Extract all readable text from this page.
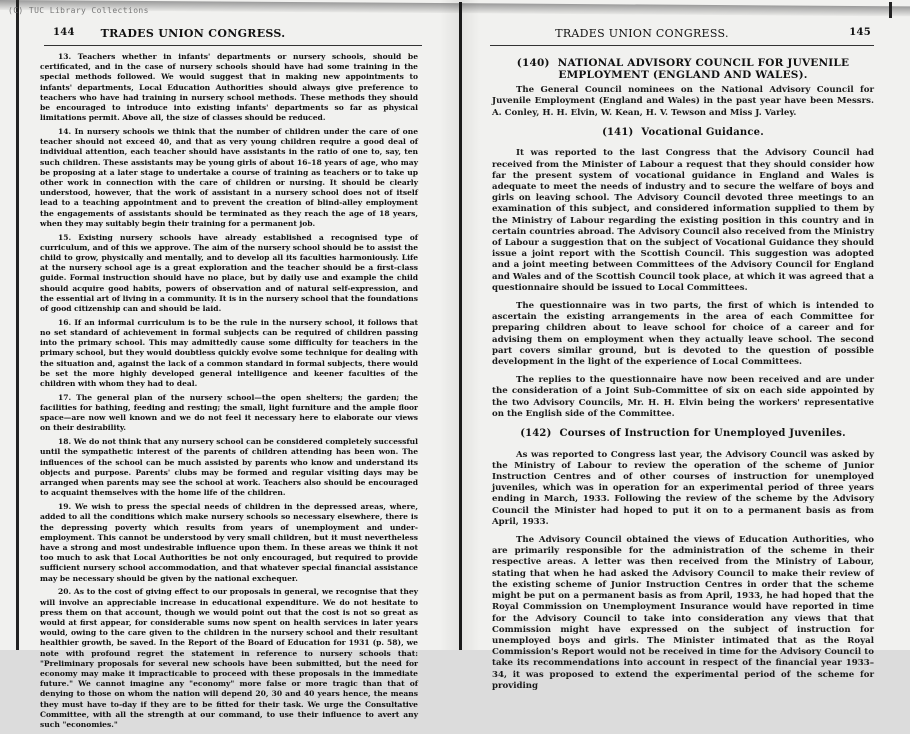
(C) TUC Library Collections
144	TRADES UNION CONGRESS.

13. Teachers whether in infants' departments or nursery schools, should be certificated, and in the case of nursery schools should have had some training in the special methods followed. We would suggest that in making new appointments to infants' departments, Local Education Authorities should always give preference to teachers who have had training in nursery school methods. These methods they should be encouraged to introduce into existing infants' departments so far as physical limitations permit. Above all, the size of classes should be reduced.

14. In nursery schools we think that the number of children under the care of one teacher should not exceed 40, and that as very young children require a good deal of individual attention, each teacher should have assistants in the ratio of one to, say, ten such children. These assistants may be young girls of about 16–18 years of age, who may be proposing at a later stage to undertake a course of training as teachers or to take up other work in connection with the care of children or nursing. It should be clearly understood, however, that the work of assistant in a nursery school does not of itself lead to a teaching appointment and to prevent the creation of blind-alley employment the engagements of assistants should be terminated as they reach the age of 18 years, when they may suitably begin their training for a permanent job.

15. Existing nursery schools have already established a recognised type of curriculum, and of this we approve. The aim of the nursery school should be to assist the child to grow, physically and mentally, and to develop all its faculties harmoniously. Life at the nursery school age is a great exploration and the teacher should be a first-class guide. Formal instruction should have no place, but by daily use and example the child should acquire good habits, powers of observation and of natural self-expression, and the essential art of living in a community. It is in the nursery school that the foundations of good citizenship can and should be laid.

16. If an informal curriculum is to be the rule in the nursery school, it follows that no set standard of achievement in formal subjects can be required of children passing into the primary school. This may admittedly cause some difficulty for teachers in the primary school, but they would doubtless quickly evolve some technique for dealing with the situation and, against the lack of a common standard in formal subjects, there would be set the more highly developed general intelligence and keener faculties of the children with whom they had to deal.

17. The general plan of the nursery school—the open shelters; the garden; the facilities for bathing, feeding and resting; the small, light furniture and the ample floor space—are now well known and we do not feel it necessary here to elaborate our views on their desirability.

18. We do not think that any nursery school can be considered completely successful until the sympathetic interest of the parents of children attending has been won. The influences of the school can be much assisted by parents who know and understand its objects and purpose. Parents' clubs may be formed and regular visiting days may be arranged when parents may see the school at work. Teachers also should be encouraged to acquaint themselves with the home life of the children.

19. We wish to press the special needs of children in the depressed areas, where, added to all the conditions which make nursery schools so necessary elsewhere, there is the depressing poverty which results from years of unemployment and under-employment. This cannot be understood by very small children, but it must nevertheless have a strong and most undesirable influence upon them. In these areas we think it not too much to ask that Local Authorities be not only encouraged, but required to provide sufficient nursery school accommodation, and that whatever special financial assistance may be necessary should be given by the national exchequer.

20. As to the cost of giving effect to our proposals in general, we recognise that they will involve an appreciable increase in educational expenditure. We do not hesitate to press them on that account, though we would point out that the cost is not so great as would at first appear, for considerable sums now spent on health services in later years would, owing to the care given to the children in the nursery school and their resultant healthier growth, be saved. In the Report of the Board of Education for 1931 (p. 58), we note with profound regret the statement in reference to nursery schools that: "Preliminary proposals for several new schools have been submitted, but the need for economy may make it impracticable to proceed with these proposals in the immediate future." We cannot imagine any "economy" more false or more tragic than that of denying to those on whom the nation will depend 20, 30 and 40 years hence, the means they must have to-day if they are to be fitted for their task. We urge the Consultative Committee, with all the strength at our command, to use their influence to avert any such "economies."

TRADES UNION CONGRESS.	145
(140) NATIONAL ADVISORY COUNCIL FOR JUVENILE
EMPLOYMENT (ENGLAND AND WALES).

The General Council nominees on the National Advisory Council for Juvenile Employment (England and Wales) in the past year have been Messrs. A. Conley, H. H. Elvin, W. Kean, H. V. Tewson and Miss J. Varley.

(141) Vocational Guidance.

It was reported to the last Congress that the Advisory Council had received from the Minister of Labour a request that they should consider how far the present system of vocational guidance in England and Wales is adequate to meet the needs of industry and to secure the welfare of boys and girls on leaving school. The Advisory Council devoted three meetings to an examination of this subject, and considered information supplied to them by the Ministry of Labour regarding the existing position in this country and in certain countries abroad. The Advisory Council also received from the Ministry of Labour a suggestion that on the subject of Vocational Guidance they should issue a joint report with the Scottish Council. This suggestion was adopted and a joint meeting between Committees of the Advisory Council for England and Wales and of the Scottish Council took place, at which it was agreed that a questionnaire should be issued to Local Committees.

The questionnaire was in two parts, the first of which is intended to ascertain the existing arrangements in the area of each Committee for preparing children about to leave school for choice of a career and for advising them on employment when they actually leave school. The second part covers similar ground, but is devoted to the question of possible development in the light of the experience of Local Committees.

The replies to the questionnaire have now been received and are under the consideration of a Joint Sub-Committee of six on each side appointed by the two Advisory Councils, Mr. H. H. Elvin being the workers' representative on the English side of the Committee.

(142) Courses of Instruction for Unemployed Juveniles.

As was reported to Congress last year, the Advisory Council was asked by the Ministry of Labour to review the operation of the scheme of Junior Instruction Centres and of other courses of instruction for unemployed juveniles, which was in operation for an experimental period of three years ending in March, 1933. Following the review of the scheme by the Advisory Council the Minister had hoped to put it on to a permanent basis as from April, 1933.

The Advisory Council obtained the views of Education Authorities, who are primarily responsible for the administration of the scheme in their respective areas. A letter was then received from the Ministry of Labour, stating that when he had asked the Advisory Council to make their review of the existing scheme of Junior Instruction Centres in order that the scheme might be put on a permanent basis as from April, 1933, he had hoped that the Royal Commission on Unemployment Insurance would have reported in time for the Advisory Council to take into consideration any views that that Commission might have expressed on the subject of instruction for unemployed boys and girls. The Minister intimated that as the Royal Commission's Report would not be received in time for the Advisory Council to take its recommendations into account in respect of the financial year 1933–34, it was proposed to extend the experimental period of the scheme for providing
